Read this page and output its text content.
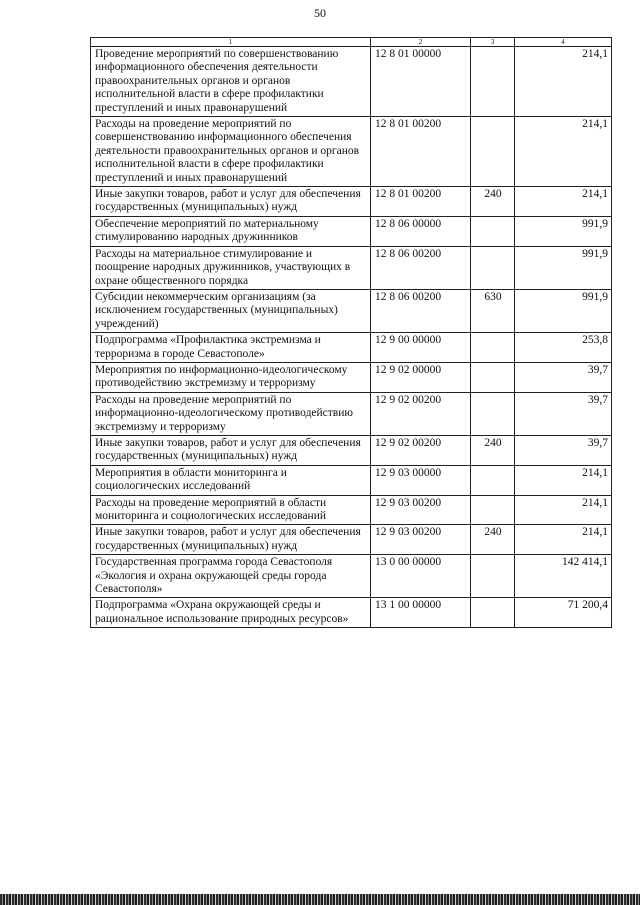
50
1	2	3	4
Проведение мероприятий по совершенствованию информационного обеспечения деятельности правоохранительных органов и органов исполнительной власти в сфере профилактики преступлений и иных правонарушений	12 8 01 00000		214,1
Расходы на проведение мероприятий по совершенствованию информационного обеспечения деятельности правоохранительных органов и органов исполнительной власти в сфере профилактики преступлений и иных правонарушений	12 8 01 00200		214,1
Иные закупки товаров, работ и услуг для обеспечения государственных (муниципальных) нужд	12 8 01 00200	240	214,1
Обеспечение мероприятий по материальному стимулированию народных дружинников	12 8 06 00000		991,9
Расходы на материальное стимулирование и поощрение народных дружинников, участвующих в охране общественного порядка	12 8 06 00200		991,9
Субсидии некоммерческим организациям (за исключением государственных (муниципальных) учреждений)	12 8 06 00200	630	991,9
Подпрограмма «Профилактика экстремизма и терроризма в городе Севастополе»	12 9 00 00000		253,8
Мероприятия по информационно-идеологическому противодействию экстремизму и терроризму	12 9 02 00000		39,7
Расходы на проведение мероприятий по информационно-идеологическому противодействию экстремизму и терроризму	12 9 02 00200		39,7
Иные закупки товаров, работ и услуг для обеспечения государственных (муниципальных) нужд	12 9 02 00200	240	39,7
Мероприятия в области мониторинга и социологических исследований	12 9 03 00000		214,1
Расходы на проведение мероприятий в области мониторинга и социологических исследований	12 9 03 00200		214,1
Иные закупки товаров, работ и услуг для обеспечения государственных (муниципальных) нужд	12 9 03 00200	240	214,1
Государственная программа города Севастополя «Экология и охрана окружающей среды города Севастополя»	13 0 00 00000		142 414,1
Подпрограмма «Охрана окружающей среды и рациональное использование природных ресурсов»	13 1 00 00000		71 200,4
